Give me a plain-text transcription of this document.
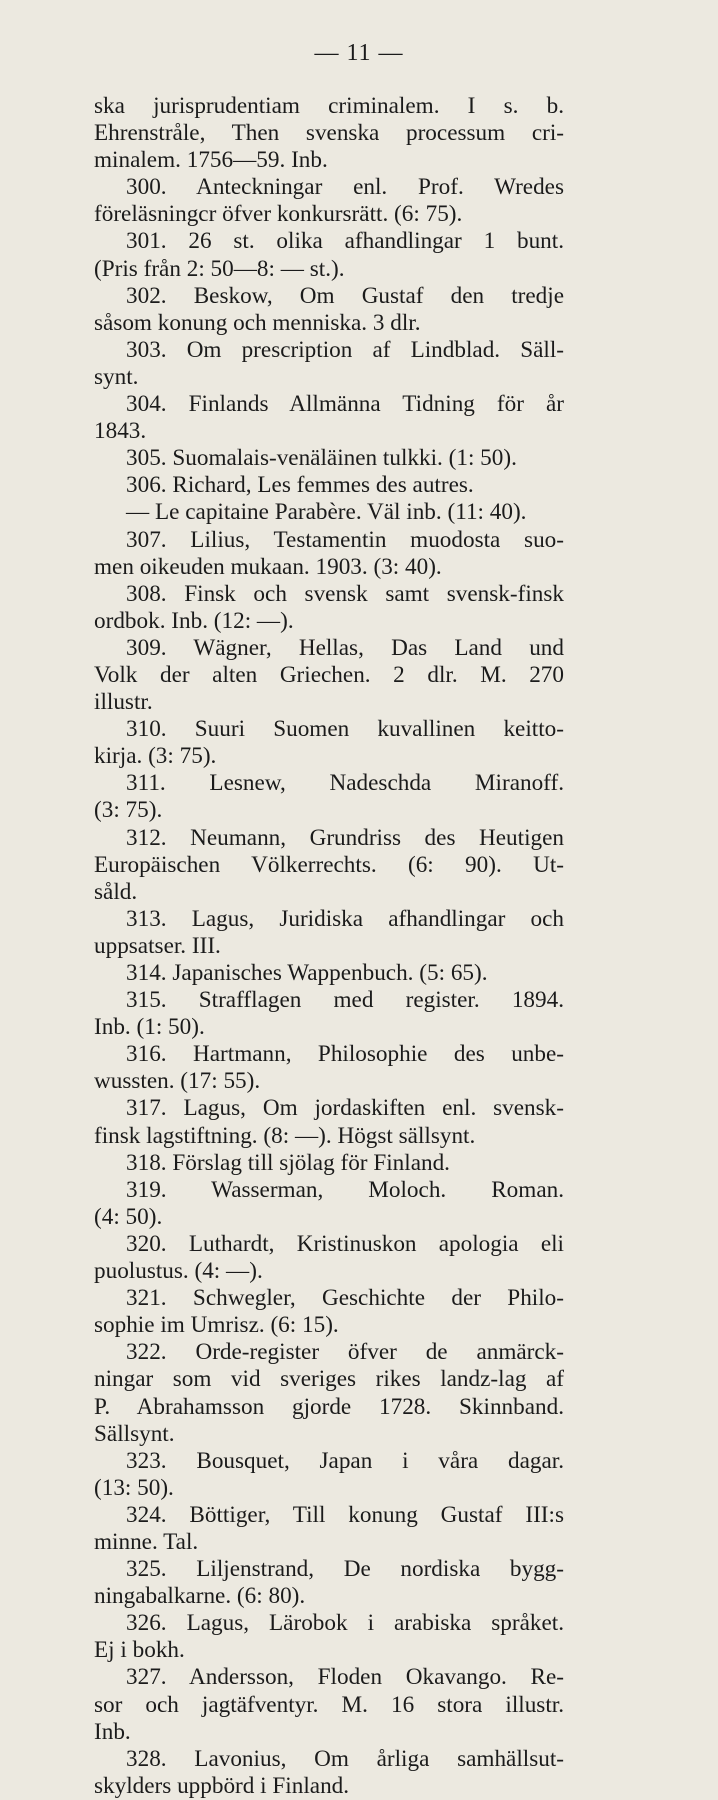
— 11 —
ska jurisprudentiam criminalem. I s. b.
Ehrenstråle, Then svenska processum cri-
minalem. 1756—59. Inb.
300. Anteckningar enl. Prof. Wredes
föreläsningcr öfver konkursrätt. (6: 75).
301. 26 st. olika afhandlingar 1 bunt.
(Pris från 2: 50—8: — st.).
302. Beskow, Om Gustaf den tredje
såsom konung och menniska. 3 dlr.
303. Om prescription af Lindblad. Säll-
synt.
304. Finlands Allmänna Tidning för år
1843.
305. Suomalais-venäläinen tulkki. (1: 50).
306. Richard, Les femmes des autres.
— Le capitaine Parabère. Väl inb. (11: 40).
307. Lilius, Testamentin muodosta suo-
men oikeuden mukaan. 1903. (3: 40).
308. Finsk och svensk samt svensk-finsk
ordbok. Inb. (12: —).
309. Wägner, Hellas, Das Land und
Volk der alten Griechen. 2 dlr. M. 270
illustr.
310. Suuri Suomen kuvallinen keitto-
kirja. (3: 75).
311. Lesnew, Nadeschda Miranoff.
(3: 75).
312. Neumann, Grundriss des Heutigen
Europäischen Völkerrechts. (6: 90). Ut-
såld.
313. Lagus, Juridiska afhandlingar och
uppsatser. III.
314. Japanisches Wappenbuch. (5: 65).
315. Strafflagen med register. 1894.
Inb. (1: 50).
316. Hartmann, Philosophie des unbe-
wussten. (17: 55).
317. Lagus, Om jordaskiften enl. svensk-
finsk lagstiftning. (8: —). Högst sällsynt.
318. Förslag till sjölag för Finland.
319. Wasserman, Moloch. Roman.
(4: 50).
320. Luthardt, Kristinuskon apologia eli
puolustus. (4: —).
321. Schwegler, Geschichte der Philo-
sophie im Umrisz. (6: 15).
322. Orde-register öfver de anmärck-
ningar som vid sveriges rikes landz-lag af
P. Abrahamsson gjorde 1728. Skinnband.
Sällsynt.
323. Bousquet, Japan i våra dagar.
(13: 50).
324. Böttiger, Till konung Gustaf III:s
minne. Tal.
325. Liljenstrand, De nordiska bygg-
ningabalkarne. (6: 80).
326. Lagus, Lärobok i arabiska språket.
Ej i bokh.
327. Andersson, Floden Okavango. Re-
sor och jagtäfventyr. M. 16 stora illustr.
Inb.
328. Lavonius, Om årliga samhällsut-
skylders uppbörd i Finland.
